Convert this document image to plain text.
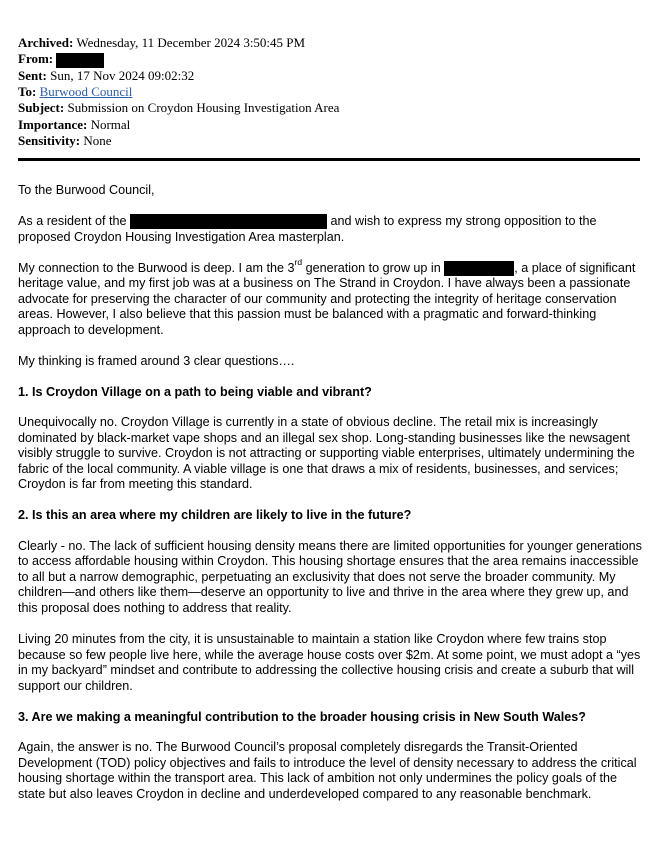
Archived: Wednesday, 11 December 2024 3:50:45 PM
From:
Sent: Sun, 17 Nov 2024 09:02:32
To: Burwood Council
Subject: Submission on Croydon Housing Investigation Area
Importance: Normal
Sensitivity: None

To the Burwood Council,

As a resident of the	and wish to express my strong opposition to the proposed Croydon Housing Investigation Area masterplan.

My connection to the Burwood is deep. I am the 3rd generation to grow up in	, a place of significant heritage value, and my first job was at a business on The Strand in Croydon. I have always been a passionate advocate for preserving the character of our community and protecting the integrity of heritage conservation areas. However, I also believe that this passion must be balanced with a pragmatic and forward-thinking approach to development.

My thinking is framed around 3 clear questions….

1. Is Croydon Village on a path to being viable and vibrant?

Unequivocally no. Croydon Village is currently in a state of obvious decline. The retail mix is increasingly dominated by black-market vape shops and an illegal sex shop. Long-standing businesses like the newsagent visibly struggle to survive. Croydon is not attracting or supporting viable enterprises, ultimately undermining the fabric of the local community. A viable village is one that draws a mix of residents, businesses, and services; Croydon is far from meeting this standard.

2. Is this an area where my children are likely to live in the future?

Clearly - no. The lack of sufficient housing density means there are limited opportunities for younger generations to access affordable housing within Croydon. This housing shortage ensures that the area remains inaccessible to all but a narrow demographic, perpetuating an exclusivity that does not serve the broader community. My children—and others like them—deserve an opportunity to live and thrive in the area where they grew up, and this proposal does nothing to address that reality.

Living 20 minutes from the city, it is unsustainable to maintain a station like Croydon where few trains stop because so few people live here, while the average house costs over $2m. At some point, we must adopt a “yes in my backyard” mindset and contribute to addressing the collective housing crisis and create a suburb that will support our children.

3. Are we making a meaningful contribution to the broader housing crisis in New South Wales?

Again, the answer is no. The Burwood Council’s proposal completely disregards the Transit-Oriented Development (TOD) policy objectives and fails to introduce the level of density necessary to address the critical housing shortage within the transport area. This lack of ambition not only undermines the policy goals of the state but also leaves Croydon in decline and underdeveloped compared to any reasonable benchmark.
